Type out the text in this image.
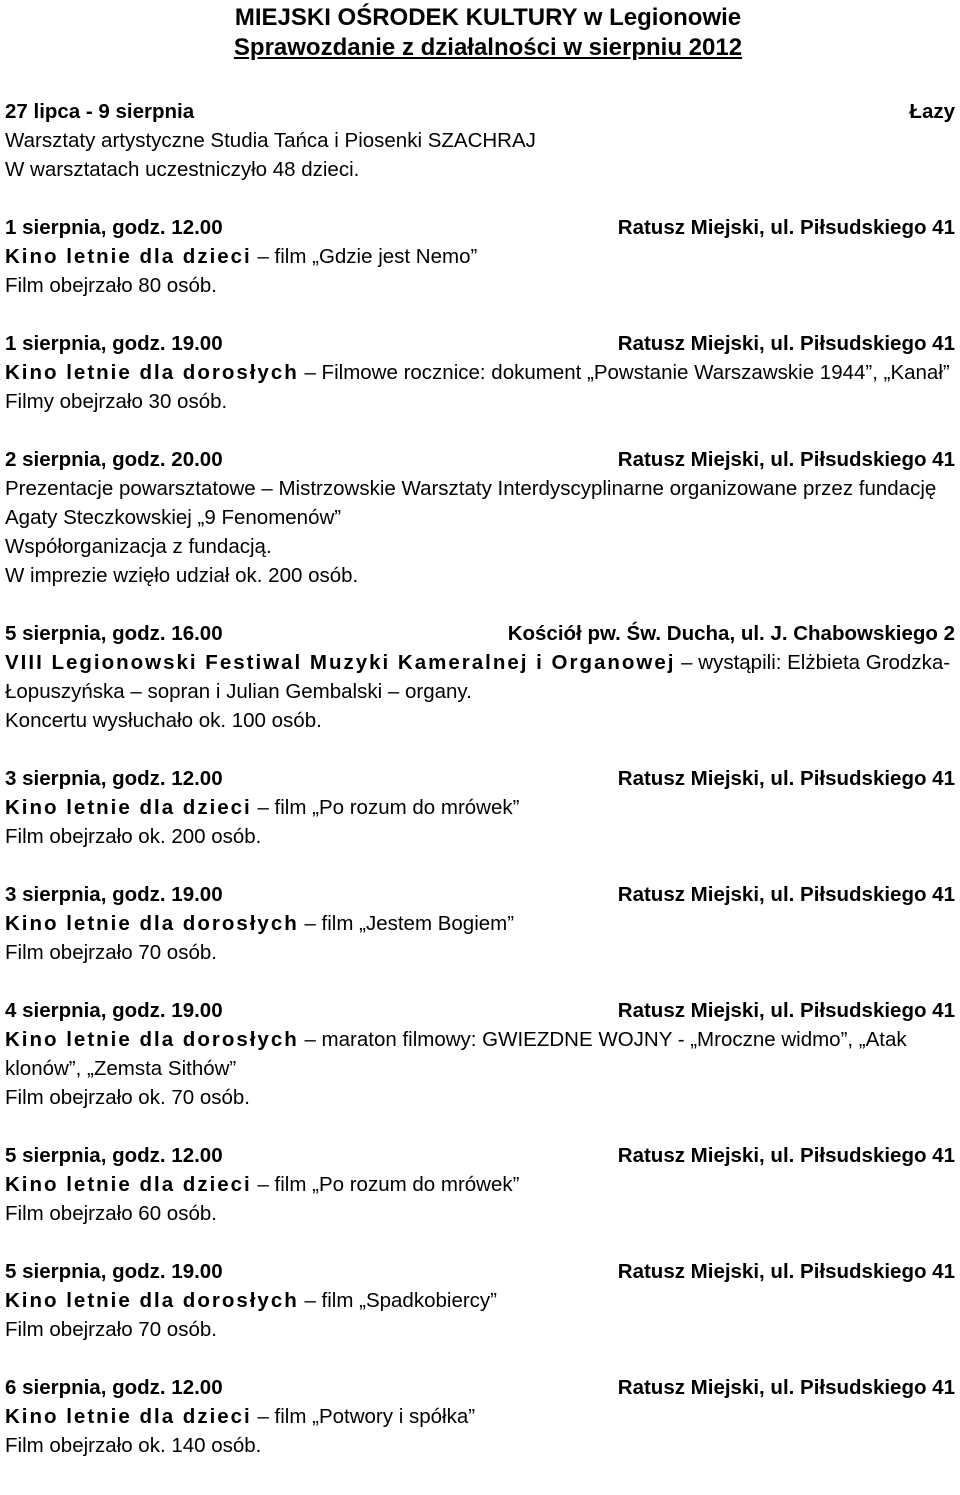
MIEJSKI OŚRODEK KULTURY w Legionowie
Sprawozdanie z działalności w sierpniu 2012
27 lipca - 9 sierpnia	Łazy

Warsztaty artystyczne Studia Tańca i Piosenki SZACHRAJ

W warsztatach uczestniczyło 48 dzieci.

1 sierpnia, godz. 12.00	Ratusz Miejski, ul. Piłsudskiego 41

Kino letnie dla dzieci – film „Gdzie jest Nemo”

Film obejrzało 80 osób.

1 sierpnia, godz. 19.00	Ratusz Miejski, ul. Piłsudskiego 41

Kino letnie dla dorosłych – Filmowe rocznice: dokument „Powstanie Warszawskie 1944”, „Kanał”

Filmy obejrzało 30 osób.

2 sierpnia, godz. 20.00	Ratusz Miejski, ul. Piłsudskiego 41

Prezentacje powarsztatowe – Mistrzowskie Warsztaty Interdyscyplinarne organizowane przez fundację Agaty Steczkowskiej „9 Fenomenów”

Współorganizacja z fundacją.

W imprezie wzięło udział ok. 200 osób.

5 sierpnia, godz. 16.00	Kościół pw. Św. Ducha, ul. J. Chabowskiego 2

VIII Legionowski Festiwal Muzyki Kameralnej i Organowej – wystąpili: Elżbieta Grodzka-Łopuszyńska – sopran i Julian Gembalski – organy.

Koncertu wysłuchało ok. 100 osób.

3 sierpnia, godz. 12.00	Ratusz Miejski, ul. Piłsudskiego 41

Kino letnie dla dzieci – film „Po rozum do mrówek”

Film obejrzało ok. 200 osób.

3 sierpnia, godz. 19.00	Ratusz Miejski, ul. Piłsudskiego 41

Kino letnie dla dorosłych – film „Jestem Bogiem”

Film obejrzało 70 osób.

4 sierpnia, godz. 19.00	Ratusz Miejski, ul. Piłsudskiego 41

Kino letnie dla dorosłych – maraton filmowy: GWIEZDNE WOJNY - „Mroczne widmo”, „Atak klonów”, „Zemsta Sithów”

Film obejrzało ok. 70 osób.

5 sierpnia, godz. 12.00	Ratusz Miejski, ul. Piłsudskiego 41

Kino letnie dla dzieci – film „Po rozum do mrówek”

Film obejrzało 60 osób.

5 sierpnia, godz. 19.00	Ratusz Miejski, ul. Piłsudskiego 41

Kino letnie dla dorosłych – film „Spadkobiercy”

Film obejrzało 70 osób.

6 sierpnia, godz. 12.00	Ratusz Miejski, ul. Piłsudskiego 41

Kino letnie dla dzieci – film „Potwory i spółka”

Film obejrzało ok. 140 osób.
